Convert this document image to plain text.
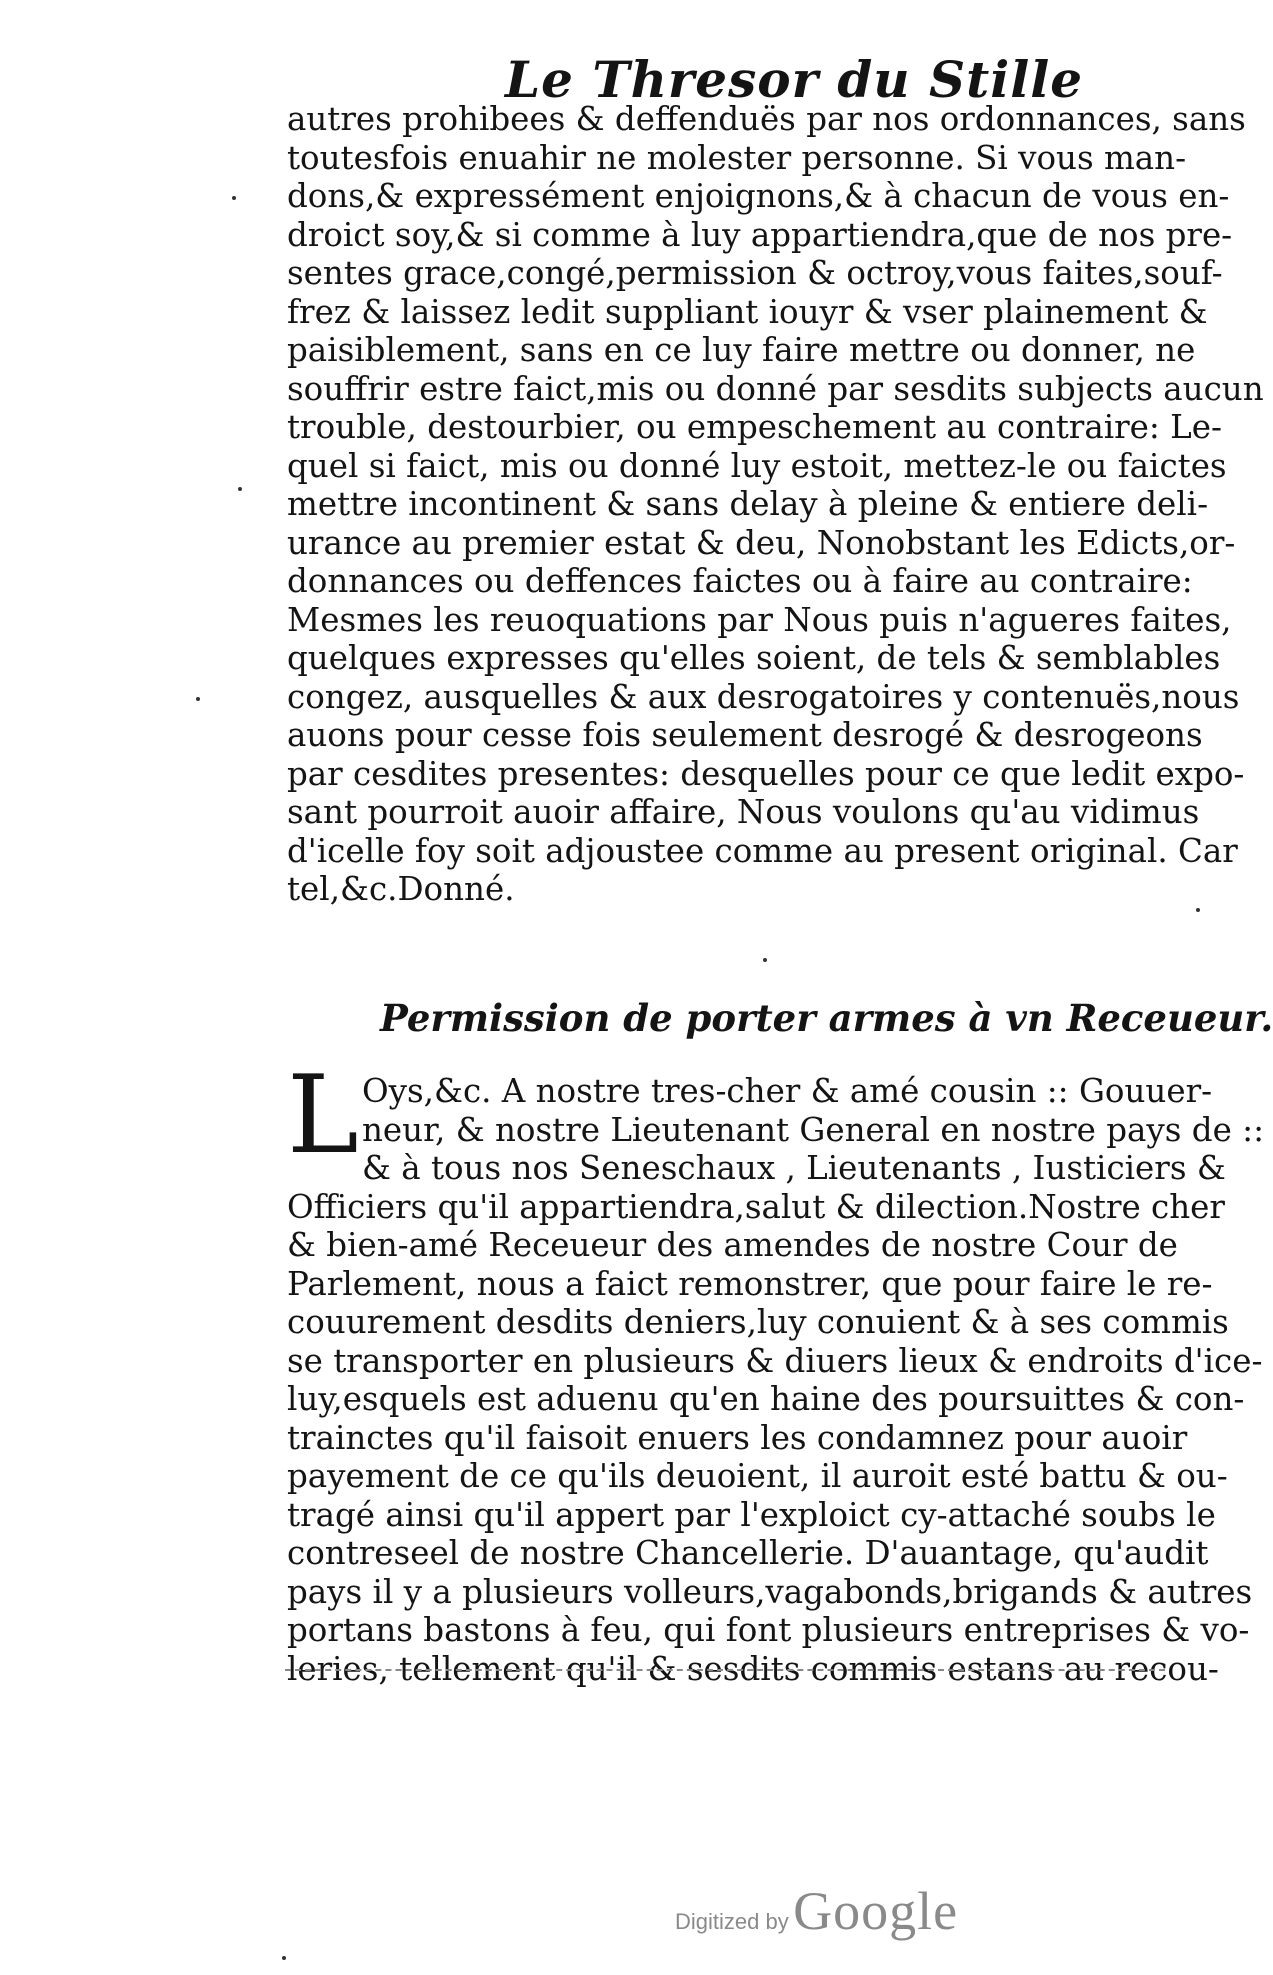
Le Thresor du Stille
autres prohibees & deffenduës par nos ordonnances, sans
toutesfois enuahir ne molester personne. Si vous man-
dons,& expressément enjoignons,& à chacun de vous en-
droict soy,& si comme à luy appartiendra,que de nos pre-
sentes grace,congé,permission & octroy,vous faites,souf-
frez & laissez ledit suppliant iouyr & vser plainement &
paisiblement, sans en ce luy faire mettre ou donner, ne
souffrir estre faict,mis ou donné par sesdits subjects aucun
trouble, destourbier, ou empeschement au contraire: Le-
quel si faict, mis ou donné luy estoit, mettez-le ou faictes
mettre incontinent & sans delay à pleine & entiere deli-
urance au premier estat & deu, Nonobstant les Edicts,or-
donnances ou deffences faictes ou à faire au contraire:
Mesmes les reuoquations par Nous puis n'agueres faites,
quelques expresses qu'elles soient, de tels & semblables
congez, ausquelles & aux desrogatoires y contenuës,nous
auons pour cesse fois seulement desrogé & desrogeons
par cesdites presentes: desquelles pour ce que ledit expo-
sant pourroit auoir affaire, Nous voulons qu'au vidimus
d'icelle foy soit adjoustee comme au present original. Car
tel,&c.Donné.
Permission de porter armes à vn Receueur.
L Oys,&c. A nostre tres-cher & amé cousin :: Gouuer-
neur, & nostre Lieutenant General en nostre pays de ::
& à tous nos Seneschaux , Lieutenants , Iusticiers &
Officiers qu'il appartiendra,salut & dilection.Nostre cher
& bien-amé Receueur des amendes de nostre Cour de
Parlement, nous a faict remonstrer, que pour faire le re-
couurement desdits deniers,luy conuient & à ses commis
se transporter en plusieurs & diuers lieux & endroits d'ice-
luy,esquels est aduenu qu'en haine des poursuittes & con-
trainctes qu'il faisoit enuers les condamnez pour auoir
payement de ce qu'ils deuoient, il auroit esté battu & ou-
tragé ainsi qu'il appert par l'exploict cy-attaché soubs le
contreseel de nostre Chancellerie. D'auantage, qu'audit
pays il y a plusieurs volleurs,vagabonds,brigands & autres
portans bastons à feu, qui font plusieurs entreprises & vo-
leries, tellement qu'il & sesdits commis estans au recou-
Digitized by Google
